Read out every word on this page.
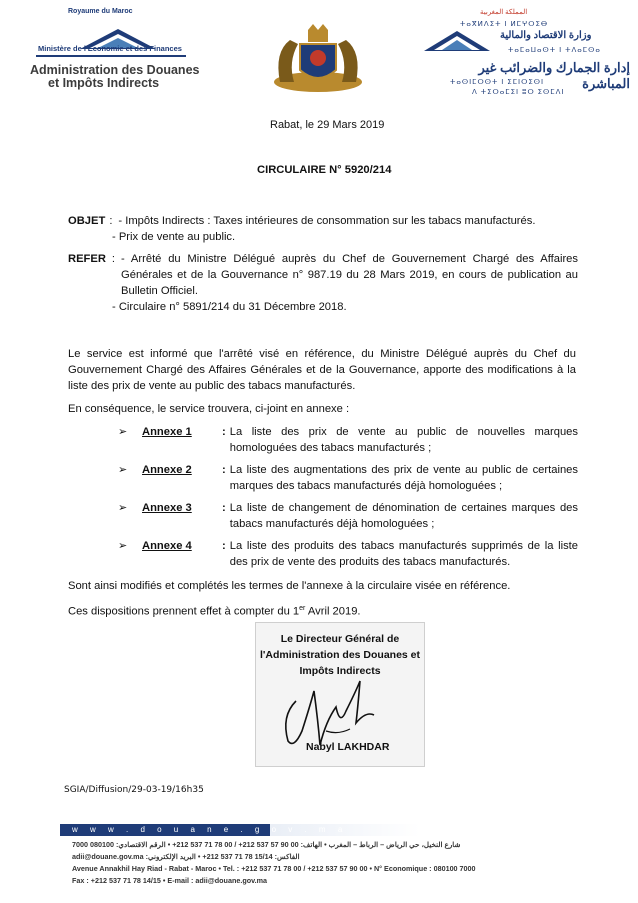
Royaume du Maroc
Ministère de l'Économie et des Finances
Administration des Douanes
et Impôts Indirects
المملكة المغربية
ⵜⴰⴳⵍⴷⵉⵜ ⵏ ⵍⵎⵖⵔⵉⴱ
وزارة الاقتصاد والمالية
ⵜⴰⵎⴰⵡⴰⵙⵜ ⵏ ⵜⴷⴰⵎⵙⴰ
إدارة الجمارك والضرائب غير المباشرة
ⵜⴰⵙⵏⵎⵔⵙⵜ ⵏ ⵉⵎⵏⵔⵉⵙⵏ
ⴷ ⵜⵉⵔⴰⵎⵉⵏ ⵓⵔ ⵉⵙⵎⴷⵏ
Rabat, le 29 Mars 2019
CIRCULAIRE N° 5920/214
OBJET : - Impôts Indirects : Taxes intérieures de consommation sur les tabacs manufacturés.
- Prix de vente au public.
REFER : - Arrêté du Ministre Délégué auprès du Chef de Gouvernement Chargé des Affaires Générales et de la Gouvernance n° 987.19 du 28 Mars 2019, en cours de publication au Bulletin Officiel.
- Circulaire n° 5891/214 du 31 Décembre 2018.
Le service est informé que l'arrêté visé en référence, du Ministre Délégué auprès du Chef du Gouvernement Chargé des Affaires Générales et de la Gouvernance, apporte des modifications à la liste des prix de vente au public des tabacs manufacturés.
En conséquence, le service trouvera, ci-joint en annexe :
➢	Annexe 1	: La liste des prix de vente au public de nouvelles marques homologuées des tabacs manufacturés ;
➢	Annexe 2	: La liste des augmentations des prix de vente au public de certaines marques des tabacs manufacturés déjà homologuées ;
➢	Annexe 3	: La liste de changement de dénomination de certaines marques des tabacs manufacturés déjà homologuées ;
➢	Annexe 4	: La liste des produits des tabacs manufacturés supprimés de la liste des prix de vente des produits des tabacs manufacturés.
Sont ainsi modifiés et complétés les termes de l'annexe à la circulaire visée en référence.
Ces dispositions prennent effet à compter du 1er Avril 2019.
Le Directeur Général de l'Administration des Douanes et Impôts Indirects
Nabyl LAKHDAR
SGIA/Diffusion/29-03-19/16h35
w w w . d o u a n e . g o v . m a
شارع النخيل، حي الرياض – الرباط – المغرب • الهاتف: 00 90 57 537 212+ / 00 78 71 537 212+ • الرقم الاقتصادي: 080100 7000
الفاكس: 15/14 78 71 537 212+ • البريد الإلكتروني: adii@douane.gov.ma
Avenue Annakhil Hay Riad - Rabat - Maroc • Tel. : +212 537 71 78 00 / +212 537 57 90 00 • N° Economique : 080100 7000
Fax : +212 537 71 78 14/15 • E-mail : adii@douane.gov.ma
